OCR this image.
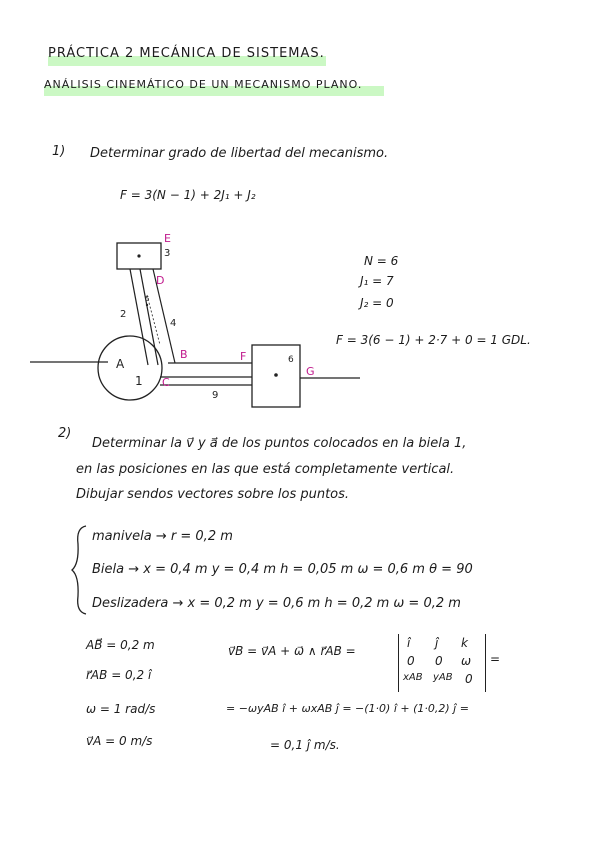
PRÁCTICA 2 MECÁNICA DE SISTEMAS.
ANÁLISIS CINEMÁTICO DE UN MECANISMO PLANO.
1) Determinar grado de libertad del mecanismo.
F = 3(N − 1) + 2J₁ + J₂
E
D
B
C
A
F
G
1
2
3
4
5
6
9
N = 6
J₁ = 7
J₂ = 0
F = 3(6 − 1) + 2·7 + 0 = 1 GDL.
2)
Determinar la v⃗ y a⃗ de los puntos colocados en la biela 1,
en las posiciones en las que está completamente vertical.
Dibujar sendos vectores sobre los puntos.
manivela → r = 0,2 m
Biela → x = 0,4 m y = 0,4 m h = 0,05 m ω = 0,6 m θ = 90
Deslizadera → x = 0,2 m y = 0,6 m h = 0,2 m ω = 0,2 m
AB⃗ = 0,2 m
r⃗AB = 0,2 î
ω = 1 rad/s
v⃗A = 0 m/s
v⃗B = v⃗A + ω⃗ ∧ r⃗AB =
î ĵ k
0 0 ω
xAB yAB 0
=
= −ωyAB î + ωxAB ĵ = −(1·0) î + (1·0,2) ĵ =
= 0,1 ĵ m/s.
